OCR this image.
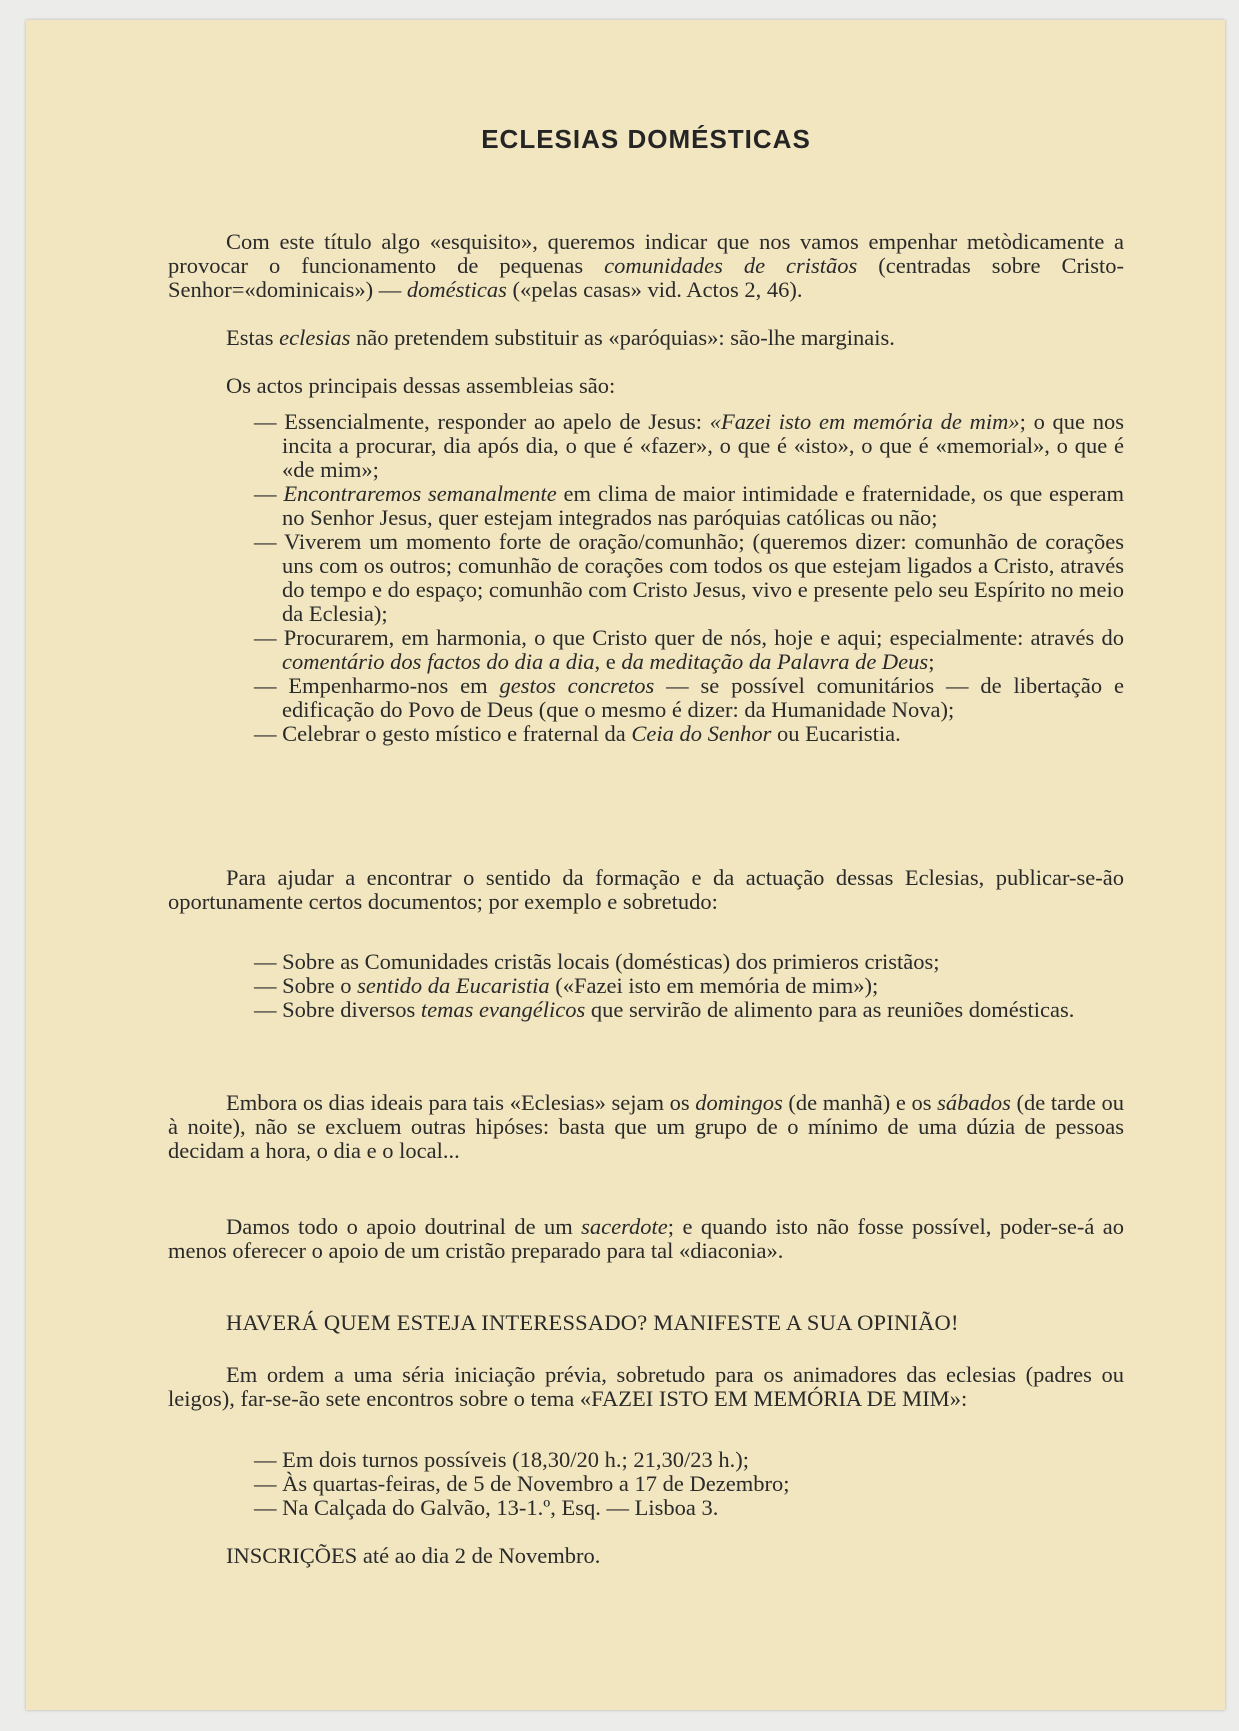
ECLESIAS DOMÉSTICAS

Com este título algo «esquisito», queremos indicar que nos vamos empenhar metòdicamente a provocar o funcionamento de pequenas comunidades de cristãos (centradas sobre Cristo-Senhor=«dominicais») — domésticas («pelas casas» vid. Actos 2, 46).

Estas eclesias não pretendem substituir as «paróquias»: são-lhe marginais.

Os actos principais dessas assembleias são:

— Essencialmente, responder ao apelo de Jesus: «Fazei isto em memória de mim»; o que nos incita a procurar, dia após dia, o que é «fazer», o que é «isto», o que é «memorial», o que é «de mim»;
— Encontraremos semanalmente em clima de maior intimidade e fraternidade, os que esperam no Senhor Jesus, quer estejam integrados nas paróquias católicas ou não;
— Viverem um momento forte de oração/comunhão; (queremos dizer: comunhão de corações uns com os outros; comunhão de corações com todos os que estejam ligados a Cristo, através do tempo e do espaço; comunhão com Cristo Jesus, vivo e presente pelo seu Espírito no meio da Eclesia);
— Procurarem, em harmonia, o que Cristo quer de nós, hoje e aqui; especialmente: através do comentário dos factos do dia a dia, e da meditação da Palavra de Deus;
— Empenharmo-nos em gestos concretos — se possível comunitários — de libertação e edificação do Povo de Deus (que o mesmo é dizer: da Humanidade Nova);
— Celebrar o gesto místico e fraternal da Ceia do Senhor ou Eucaristia.

Para ajudar a encontrar o sentido da formação e da actuação dessas Eclesias, publicar-se-ão oportunamente certos documentos; por exemplo e sobretudo:

— Sobre as Comunidades cristãs locais (domésticas) dos primieros cristãos;
— Sobre o sentido da Eucaristia («Fazei isto em memória de mim»);
— Sobre diversos temas evangélicos que servirão de alimento para as reuniões domésticas.

Embora os dias ideais para tais «Eclesias» sejam os domingos (de manhã) e os sábados (de tarde ou à noite), não se excluem outras hipóses: basta que um grupo de o mínimo de uma dúzia de pessoas decidam a hora, o dia e o local...

Damos todo o apoio doutrinal de um sacerdote; e quando isto não fosse possível, poder-se-á ao menos oferecer o apoio de um cristão preparado para tal «diaconia».

HAVERÁ QUEM ESTEJA INTERESSADO? MANIFESTE A SUA OPINIÃO!

Em ordem a uma séria iniciação prévia, sobretudo para os animadores das eclesias (padres ou leigos), far-se-ão sete encontros sobre o tema «FAZEI ISTO EM MEMÓRIA DE MIM»:

— Em dois turnos possíveis (18,30/20 h.; 21,30/23 h.);
— Às quartas-feiras, de 5 de Novembro a 17 de Dezembro;
— Na Calçada do Galvão, 13-1.º, Esq. — Lisboa 3.

INSCRIÇÕES até ao dia 2 de Novembro.
